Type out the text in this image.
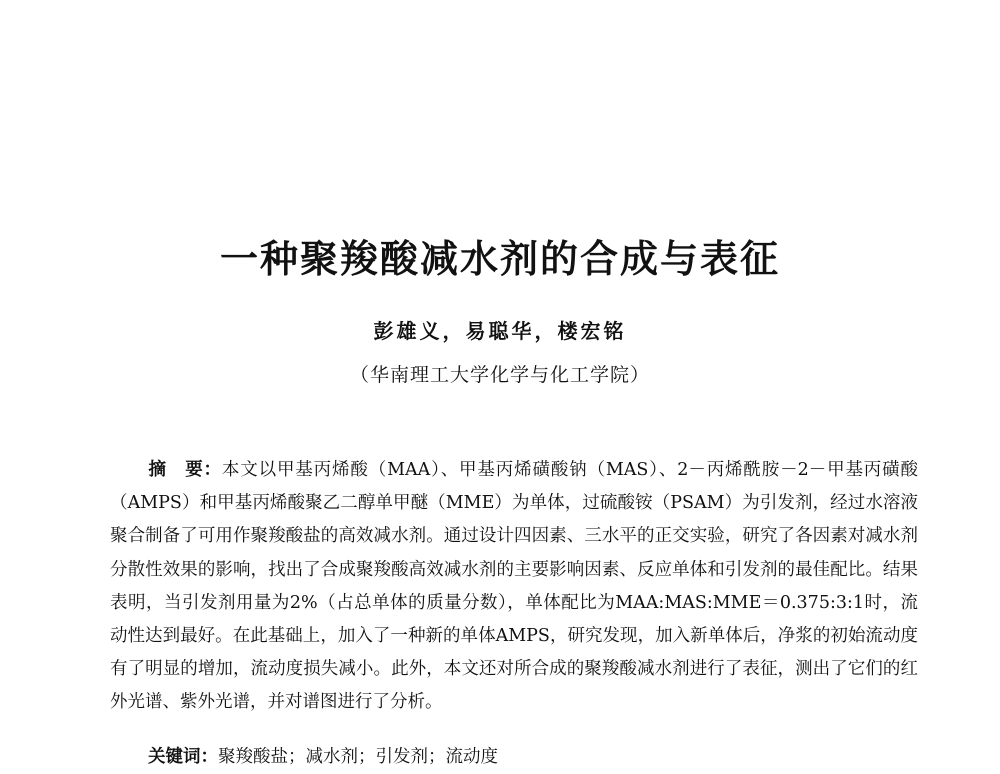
一种聚羧酸减水剂的合成与表征
彭雄义，易聪华，楼宏铭
（华南理工大学化学与化工学院）

摘　要：本文以甲基丙烯酸（MAA）、甲基丙烯磺酸钠（MAS）、2－丙烯酰胺－2－甲基丙磺酸（AMPS）和甲基丙烯酸聚乙二醇单甲醚（MME）为单体，过硫酸铵（PSAM）为引发剂，经过水溶液聚合制备了可用作聚羧酸盐的高效减水剂。通过设计四因素、三水平的正交实验，研究了各因素对减水剂分散性效果的影响，找出了合成聚羧酸高效减水剂的主要影响因素、反应单体和引发剂的最佳配比。结果表明，当引发剂用量为2%（占总单体的质量分数），单体配比为MAA:MAS:MME＝0.375:3:1时，流动性达到最好。在此基础上，加入了一种新的单体AMPS，研究发现，加入新单体后，净浆的初始流动度有了明显的增加，流动度损失减小。此外，本文还对所合成的聚羧酸减水剂进行了表征，测出了它们的红外光谱、紫外光谱，并对谱图进行了分析。

关键词：聚羧酸盐；减水剂；引发剂；流动度
